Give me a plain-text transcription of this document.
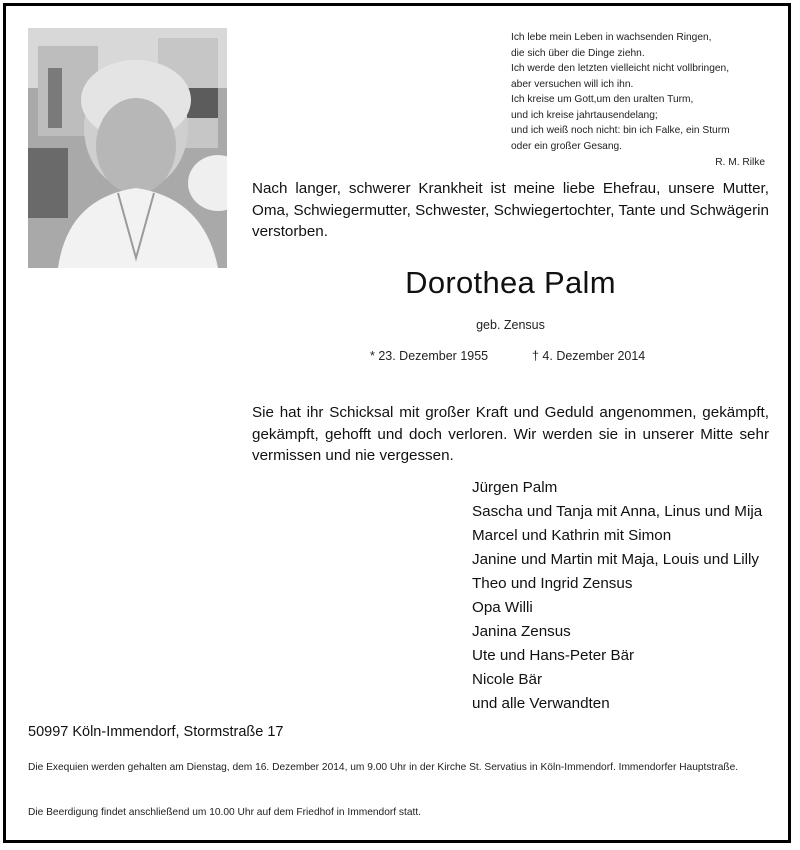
Ich lebe mein Leben in wachsenden Ringen,
die sich über die Dinge ziehn.
Ich werde den letzten vielleicht nicht vollbringen,
aber versuchen will ich ihn.
Ich kreise um Gott,um den uralten Turm,
und ich kreise jahrtausendelang;
und ich weiß noch nicht: bin ich Falke, ein Sturm
oder ein großer Gesang.
R. M. Rilke
Nach langer, schwerer Krankheit ist meine liebe Ehefrau, unsere Mutter, Oma, Schwiegermutter, Schwester, Schwiegertochter, Tante und Schwägerin verstorben.
Dorothea Palm
geb. Zensus
* 23. Dezember 1955	† 4. Dezember 2014
Sie hat ihr Schicksal mit großer Kraft und Geduld angenommen, gekämpft, gekämpft, gehofft und doch verloren. Wir werden sie in unserer Mitte sehr vermissen und nie vergessen.
Jürgen Palm
Sascha und Tanja mit Anna, Linus und Mija
Marcel und Kathrin mit Simon
Janine und Martin mit Maja, Louis und Lilly
Theo und Ingrid Zensus
Opa Willi
Janina Zensus
Ute und Hans-Peter Bär
Nicole Bär
und alle Verwandten
50997 Köln-Immendorf, Stormstraße 17
Die Exequien werden gehalten am Dienstag, dem 16. Dezember 2014, um 9.00 Uhr in der Kirche St. Servatius in Köln-Immendorf. Immendorfer Hauptstraße.
Die Beerdigung findet anschließend um 10.00 Uhr auf dem Friedhof in Immendorf statt.
